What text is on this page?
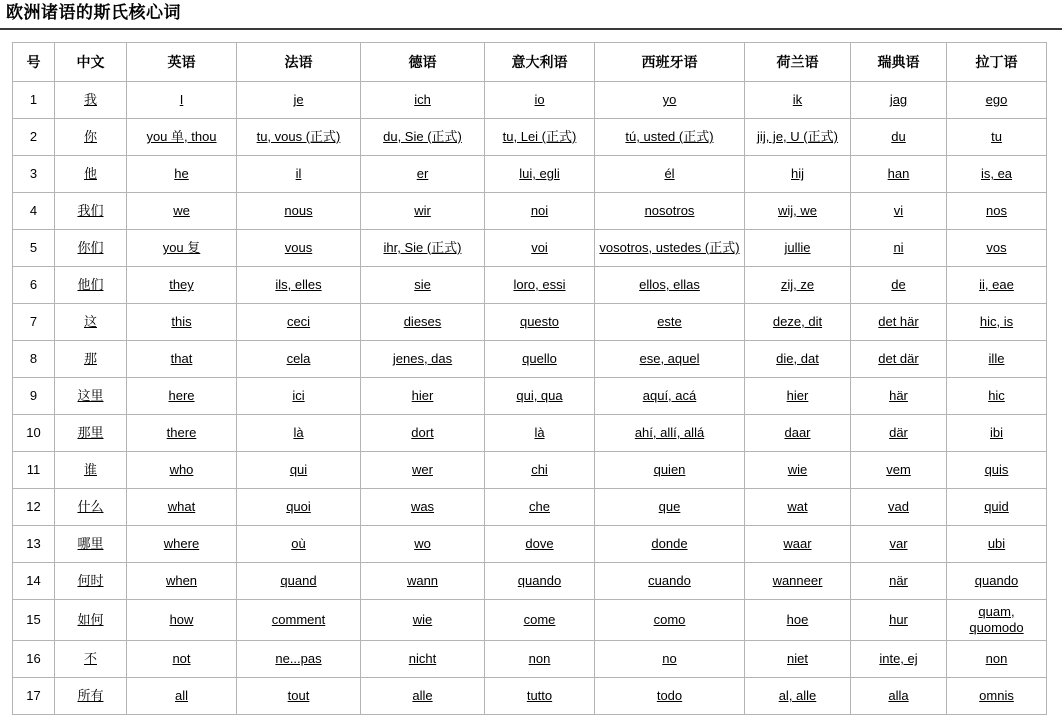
欧洲诸语的斯氏核心词
号	中文	英语	法语	德语	意大利语	西班牙语	荷兰语	瑞典语	拉丁语
1	我	I	je	ich	io	yo	ik	jag	ego
2	你	you 单, thou	tu, vous (正式)	du, Sie (正式)	tu, Lei (正式)	tú, usted (正式)	jij, je, U (正式)	du	tu
3	他	he	il	er	lui, egli	él	hij	han	is, ea
4	我们	we	nous	wir	noi	nosotros	wij, we	vi	nos
5	你们	you 复	vous	ihr, Sie (正式)	voi	vosotros, ustedes (正式)	jullie	ni	vos
6	他们	they	ils, elles	sie	loro, essi	ellos, ellas	zij, ze	de	ii, eae
7	这	this	ceci	dieses	questo	este	deze, dit	det här	hic, is
8	那	that	cela	jenes, das	quello	ese, aquel	die, dat	det där	ille
9	这里	here	ici	hier	qui, qua	aquí, acá	hier	här	hic
10	那里	there	là	dort	là	ahí, allí, allá	daar	där	ibi
11	谁	who	qui	wer	chi	quien	wie	vem	quis
12	什么	what	quoi	was	che	que	wat	vad	quid
13	哪里	where	où	wo	dove	donde	waar	var	ubi
14	何时	when	quand	wann	quando	cuando	wanneer	när	quando
15	如何	how	comment	wie	come	como	hoe	hur	quam, quomodo
16	不	not	ne...pas	nicht	non	no	niet	inte, ej	non
17	所有	all	tout	alle	tutto	todo	al, alle	alla	omnis
